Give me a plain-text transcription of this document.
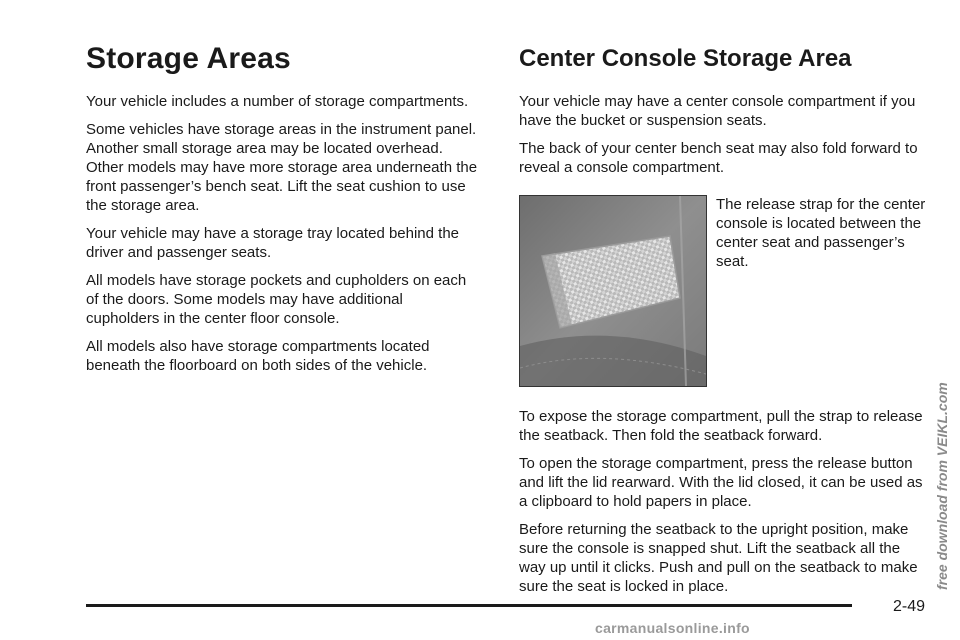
Storage Areas

Your vehicle includes a number of storage compartments.

Some vehicles have storage areas in the instrument panel. Another small storage area may be located overhead. Other models may have more storage area underneath the front passenger’s bench seat. Lift the seat cushion to use the storage area.

Your vehicle may have a storage tray located behind the driver and passenger seats.

All models have storage pockets and cupholders on each of the doors. Some models may have additional cupholders in the center floor console.

All models also have storage compartments located beneath the floorboard on both sides of the vehicle.

Center Console Storage Area

Your vehicle may have a center console compartment if you have the bucket or suspension seats.

The back of your center bench seat may also fold forward to reveal a console compartment.

The release strap for the center console is located between the center seat and passenger’s seat.

To expose the storage compartment, pull the strap to release the seatback. Then fold the seatback forward.

To open the storage compartment, press the release button and lift the lid rearward. With the lid closed, it can be used as a clipboard to hold papers in place.

Before returning the seatback to the upright position, make sure the console is snapped shut. Lift the seatback all the way up until it clicks. Push and pull on the seatback to make sure the seat is locked in place.

2-49
free download from VEIKL.com
carmanualsonline.info
